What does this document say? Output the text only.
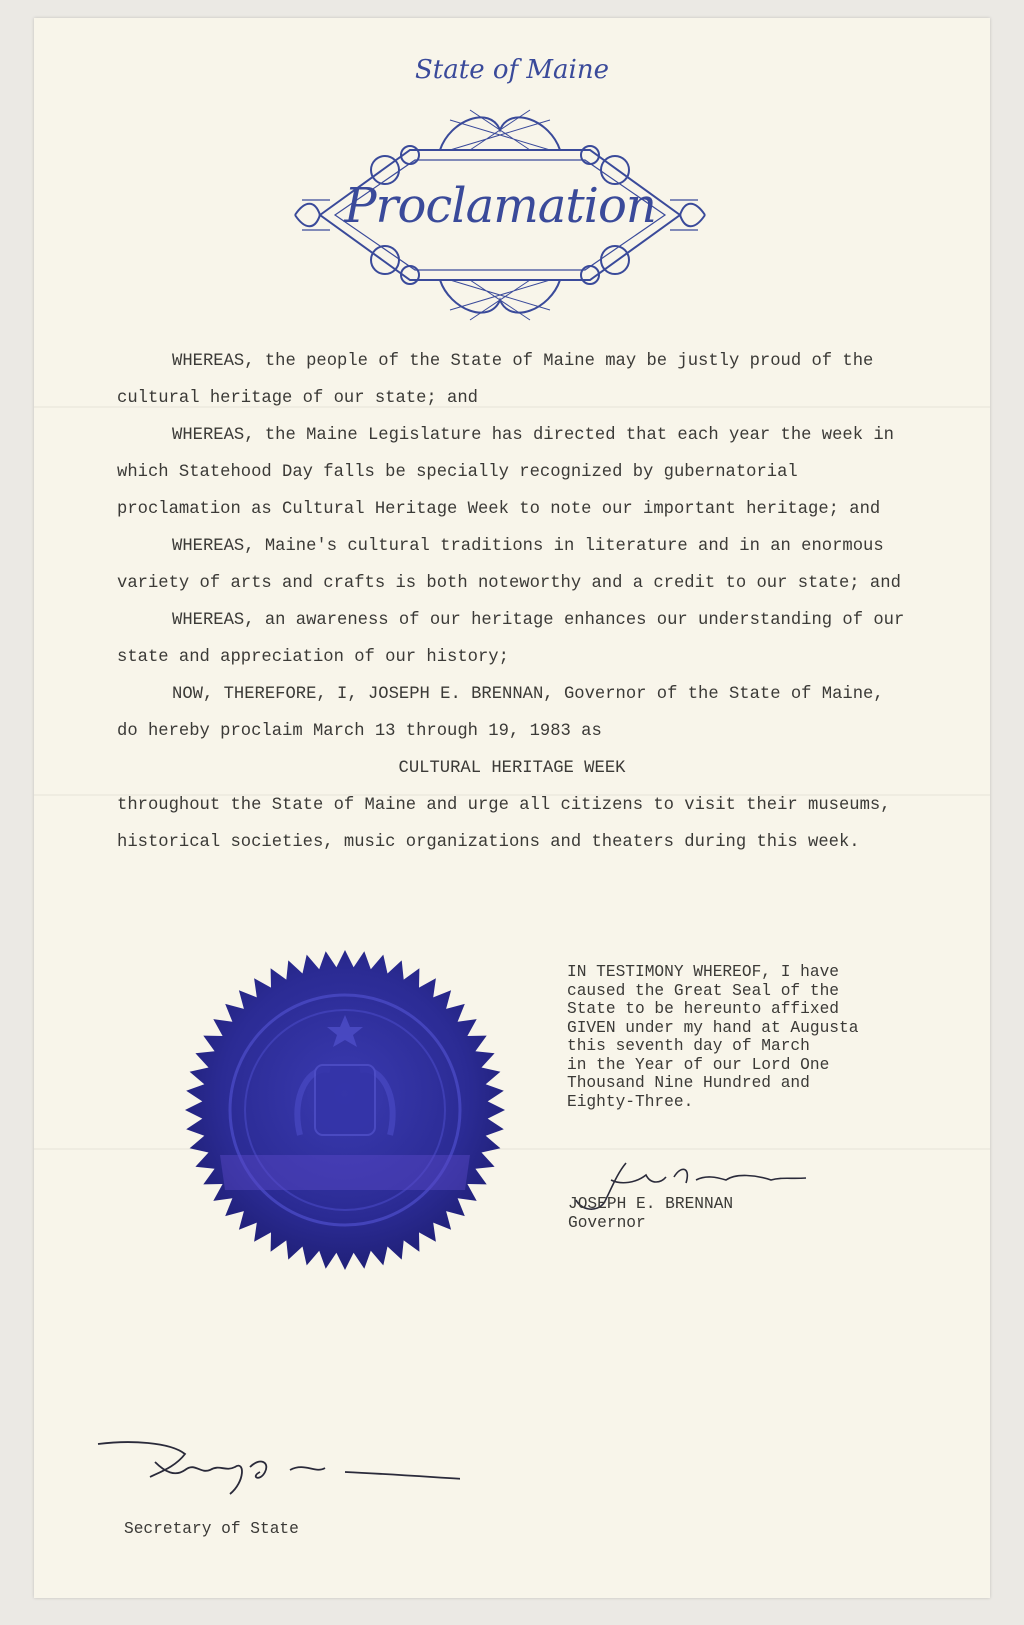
State of Maine
Proclamation

WHEREAS, the people of the State of Maine may be justly proud of the cultural heritage of our state; and

WHEREAS, the Maine Legislature has directed that each year the week in which Statehood Day falls be specially recognized by gubernatorial proclamation as Cultural Heritage Week to note our important heritage; and

WHEREAS, Maine's cultural traditions in literature and in an enormous variety of arts and crafts is both noteworthy and a credit to our state; and

WHEREAS, an awareness of our heritage enhances our understanding of our state and appreciation of our history;

NOW, THEREFORE, I, JOSEPH E. BRENNAN, Governor of the State of Maine, do hereby proclaim March 13 through 19, 1983 as

CULTURAL HERITAGE WEEK

throughout the State of Maine and urge all citizens to visit their museums, historical societies, music organizations and theaters during this week.

IN TESTIMONY WHEREOF, I have

caused the Great Seal of the

State to be hereunto affixed

GIVEN under my hand at Augusta

this seventh day of March

in the Year of our Lord One

Thousand Nine Hundred and

Eighty-Three.

JOSEPH E. BRENNAN
Governor
Secretary of State
